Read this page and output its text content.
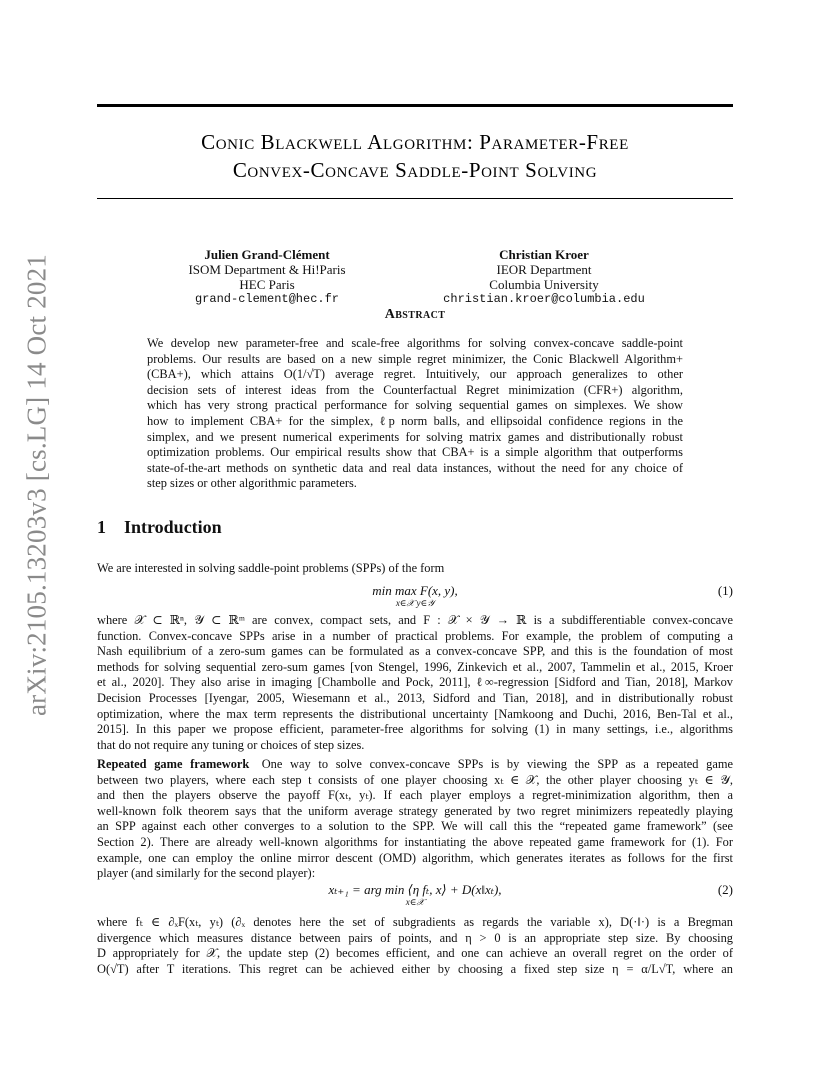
arXiv:2105.13203v3 [cs.LG] 14 Oct 2021
Conic Blackwell Algorithm: Parameter-Free
Convex-Concave Saddle-Point Solving
Julien Grand-Clément
ISOM Department & Hi!Paris
HEC Paris
grand-clement@hec.fr
Christian Kroer
IEOR Department
Columbia University
christian.kroer@columbia.edu
Abstract

We develop new parameter-free and scale-free algorithms for solving convex-concave saddle-point

problems. Our results are based on a new simple regret minimizer, the Conic Blackwell Algorithm+

(CBA+), which attains O(1/√T) average regret. Intuitively, our approach generalizes to other

decision sets of interest ideas from the Counterfactual Regret minimization (CFR+) algorithm,

which has very strong practical performance for solving sequential games on simplexes. We show

how to implement CBA+ for the simplex, ℓp norm balls, and ellipsoidal confidence regions in the

simplex, and we present numerical experiments for solving matrix games and distributionally robust

optimization problems. Our empirical results show that CBA+ is a simple algorithm that outperforms

state-of-the-art methods on synthetic data and real data instances, without the need for any choice of

step sizes or other algorithmic parameters.

1 Introduction
We are interested in solving saddle-point problems (SPPs) of the form
min max F(x, y),
x∈𝒳 y∈𝒴
(1)
where 𝒳 ⊂ ℝⁿ, 𝒴 ⊂ ℝᵐ are convex, compact sets, and F : 𝒳 × 𝒴 → ℝ is a subdifferentiable convex-concave
function. Convex-concave SPPs arise in a number of practical problems. For example, the problem of computing a
Nash equilibrium of a zero-sum games can be formulated as a convex-concave SPP, and this is the foundation of most
methods for solving sequential zero-sum games [von Stengel, 1996, Zinkevich et al., 2007, Tammelin et al., 2015, Kroer
et al., 2020]. They also arise in imaging [Chambolle and Pock, 2011], ℓ∞-regression [Sidford and Tian, 2018], Markov
Decision Processes [Iyengar, 2005, Wiesemann et al., 2013, Sidford and Tian, 2018], and in distributionally robust
optimization, where the max term represents the distributional uncertainty [Namkoong and Duchi, 2016, Ben-Tal et al.,
2015]. In this paper we propose efficient, parameter-free algorithms for solving (1) in many settings, i.e., algorithms
that do not require any tuning or choices of step sizes.
Repeated game framework  One way to solve convex-concave SPPs is by viewing the SPP as a repeated game
between two players, where each step t consists of one player choosing xₜ ∈ 𝒳, the other player choosing yₜ ∈ 𝒴,
and then the players observe the payoff F(xₜ, yₜ). If each player employs a regret-minimization algorithm, then a
well-known folk theorem says that the uniform average strategy generated by two regret minimizers repeatedly playing
an SPP against each other converges to a solution to the SPP. We will call this the “repeated game framework” (see
Section 2). There are already well-known algorithms for instantiating the above repeated game framework for (1). For
example, one can employ the online mirror descent (OMD) algorithm, which generates iterates as follows for the first
player (and similarly for the second player):
xₜ₊₁ = arg min ⟨η fₜ, x⟩ + D(x‖xₜ),
x∈𝒳
(2)
where fₜ ∈ ∂ₓF(xₜ, yₜ) (∂ₓ denotes here the set of subgradients as regards the variable x), D(·‖·) is a Bregman
divergence which measures distance between pairs of points, and η > 0 is an appropriate step size. By choosing
D appropriately for 𝒳, the update step (2) becomes efficient, and one can achieve an overall regret on the order of
O(√T) after T iterations. This regret can be achieved either by choosing a fixed step size η = α/L√T, where an
